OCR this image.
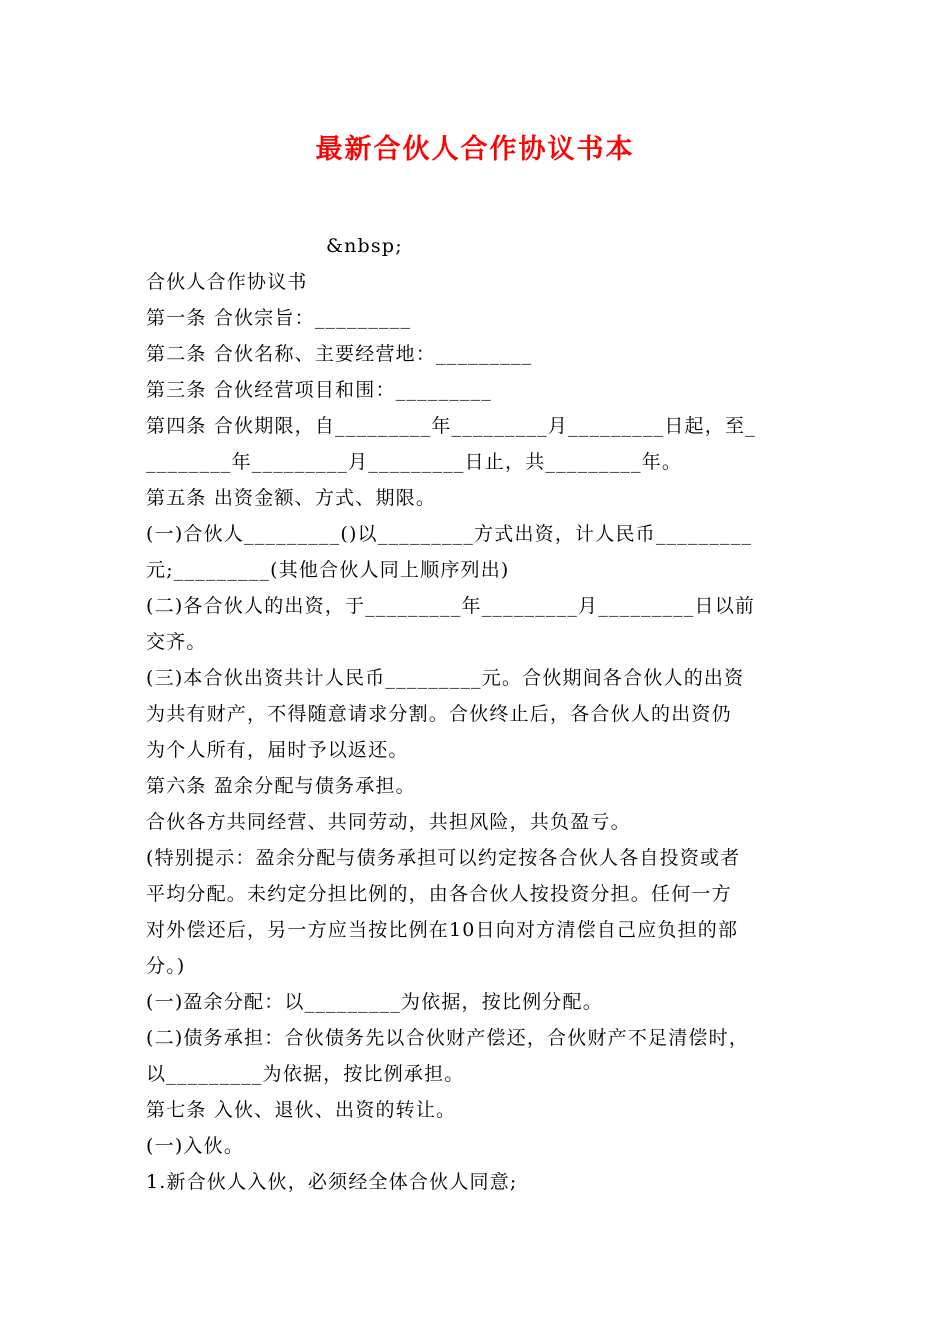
最新合伙人合作协议书本
&nbsp;
合伙人合作协议书
第一条 合伙宗旨：_________
第二条 合伙名称、主要经营地：_________
第三条 合伙经营项目和围：_________
第四条 合伙期限，自_________年_________月_________日起，至_
________年_________月_________日止，共_________年。
第五条 出资金额、方式、期限。
(一)合伙人_________()以_________方式出资，计人民币_________
元;_________(其他合伙人同上顺序列出)
(二)各合伙人的出资，于_________年_________月_________日以前
交齐。
(三)本合伙出资共计人民币_________元。合伙期间各合伙人的出资
为共有财产，不得随意请求分割。合伙终止后，各合伙人的出资仍
为个人所有，届时予以返还。
第六条 盈余分配与债务承担。
合伙各方共同经营、共同劳动，共担风险，共负盈亏。
(特别提示：盈余分配与债务承担可以约定按各合伙人各自投资或者
平均分配。未约定分担比例的，由各合伙人按投资分担。任何一方
对外偿还后，另一方应当按比例在10日向对方清偿自己应负担的部
分。)
(一)盈余分配：以_________为依据，按比例分配。
(二)债务承担：合伙债务先以合伙财产偿还，合伙财产不足清偿时，
以_________为依据，按比例承担。
第七条 入伙、退伙、出资的转让。
(一)入伙。
1.新合伙人入伙，必须经全体合伙人同意;
